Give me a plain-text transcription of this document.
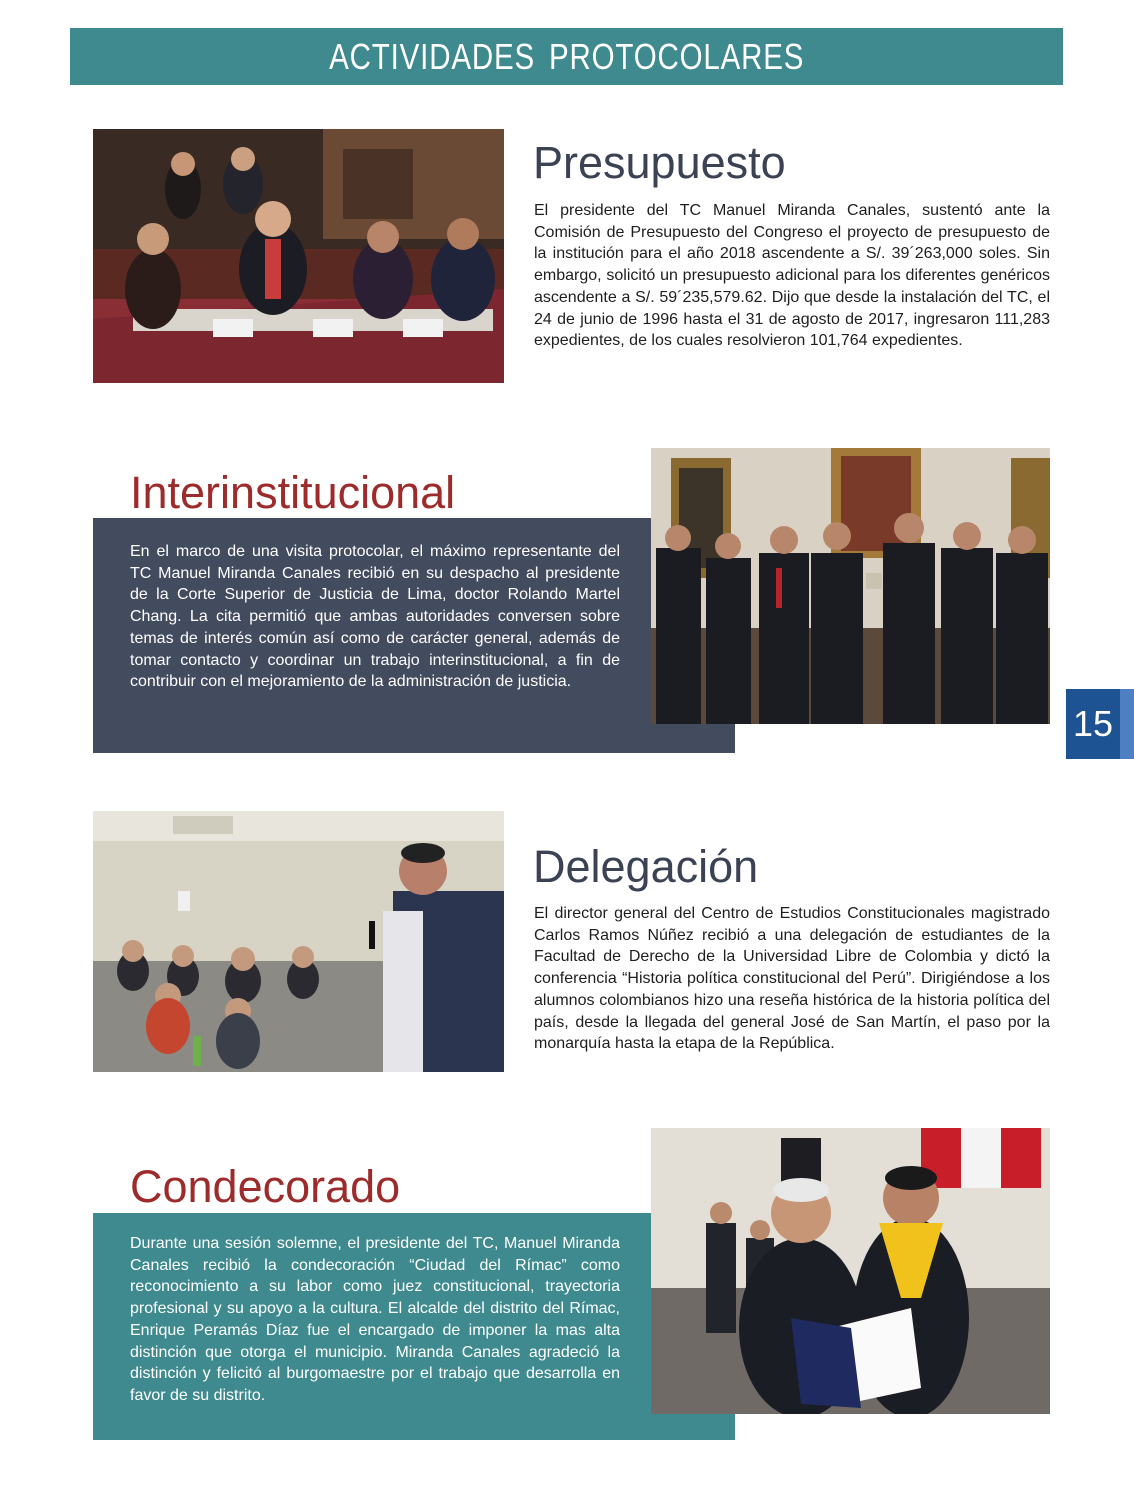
ACTIVIDADES PROTOCOLARES
15
Presupuesto

El presidente del TC Manuel Miranda Canales, sustentó ante la Comisión de Presupuesto del Congreso el proyecto de presupuesto de la institución para el año 2018 ascendente a S/. 39´263,000 soles. Sin embargo, solicitó un presupuesto adicional para los diferentes genéricos ascendente a S/. 59´235,579.62. Dijo que desde la instalación del TC, el 24 de junio de 1996 hasta el 31 de agosto de 2017, ingresaron 111,283 expedientes, de los cuales resolvieron 101,764 expedientes.

Interinstitucional

En el marco de una visita protocolar, el máximo representante del TC Manuel Miranda Canales recibió en su despacho al presidente de la Corte Superior de Justicia de Lima, doctor Rolando Martel Chang. La cita permitió que ambas autoridades conversen sobre temas de interés común así como de carácter general, además de tomar contacto y coordinar un trabajo interinstitucional, a fin de contribuir con el mejoramiento de la administración de justicia.

Delegación

El director general del Centro de Estudios Constitucionales magistrado Carlos Ramos Núñez recibió a una delegación de estudiantes de la Facultad de Derecho de la Universidad Libre de Colombia y dictó la conferencia “Historia política constitucional del Perú”. Dirigiéndose a los alumnos colombianos hizo una reseña histórica de la historia política del país, desde la llegada del general José de San Martín, el paso por la monarquía hasta la etapa de la República.

Condecorado

Durante una sesión solemne, el presidente del TC, Manuel Miranda Canales recibió la condecoración “Ciudad del Rímac” como reconocimiento a su labor como juez constitucional, trayectoria profesional y su apoyo a la cultura. El alcalde del distrito del Rímac, Enrique Peramás Díaz fue el encargado de imponer la mas alta distinción que otorga el municipio. Miranda Canales agradeció la distinción y felicitó al burgomaestre por el trabajo que desarrolla en favor de su distrito.
